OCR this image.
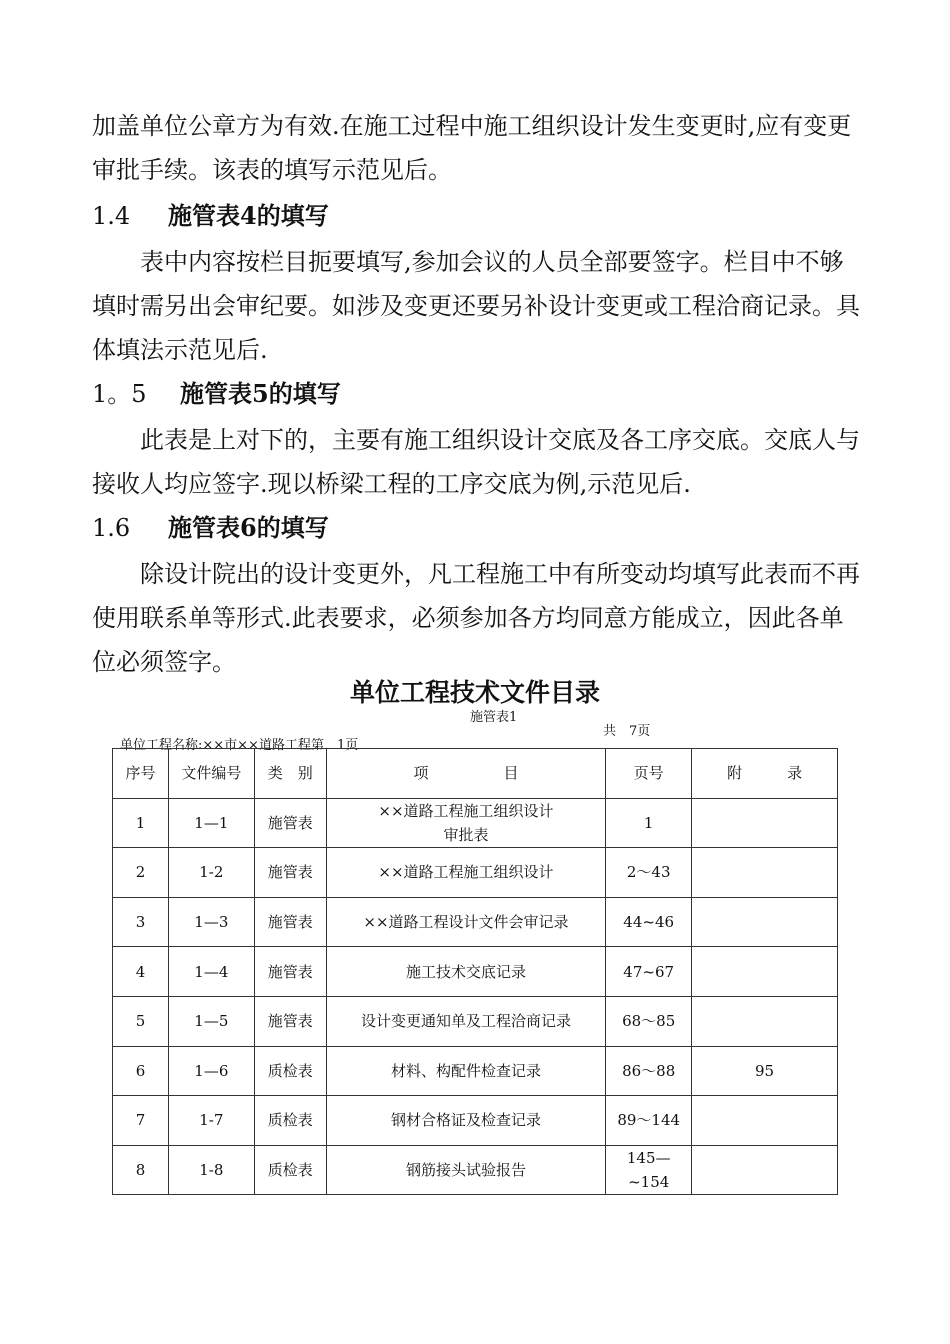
加盖单位公章方为有效.在施工过程中施工组织设计发生变更时,应有变更审批手续。该表的填写示范见后。

1.4 施管表4的填写

表中内容按栏目扼要填写,参加会议的人员全部要签字。栏目中不够填时需另出会审纪要。如涉及变更还要另补设计变更或工程洽商记录。具体填法示范见后.

1。5 施管表5的填写

此表是上对下的，主要有施工组织设计交底及各工序交底。交底人与接收人均应签字.现以桥梁工程的工序交底为例,示范见后.

1.6 施管表6的填写

除设计院出的设计变更外，凡工程施工中有所变动均填写此表而不再使用联系单等形式.此表要求，必须参加各方均同意方能成立，因此各单位必须签字。

单位工程技术文件目录
施管表1
共　7页
单位工程名称:××市××道路工程第　1页
序号	文件编号	类　别	项　　　　　目	页号	附　　　录
1	1—1	施管表	××道路工程施工组织设计
审批表	1	
2	1-2	施管表	××道路工程施工组织设计	2～43	
3	1—3	施管表	××道路工程设计文件会审记录	44~46	
4	1—4	施管表	施工技术交底记录	47~67	
5	1—5	施管表	设计变更通知单及工程洽商记录	68～85	
6	1—6	质检表	材料、构配件检查记录	86～88	95
7	1-7	质检表	钢材合格证及检查记录	89～144	
8	1-8	质检表	钢筋接头试验报告	145—
~154	
